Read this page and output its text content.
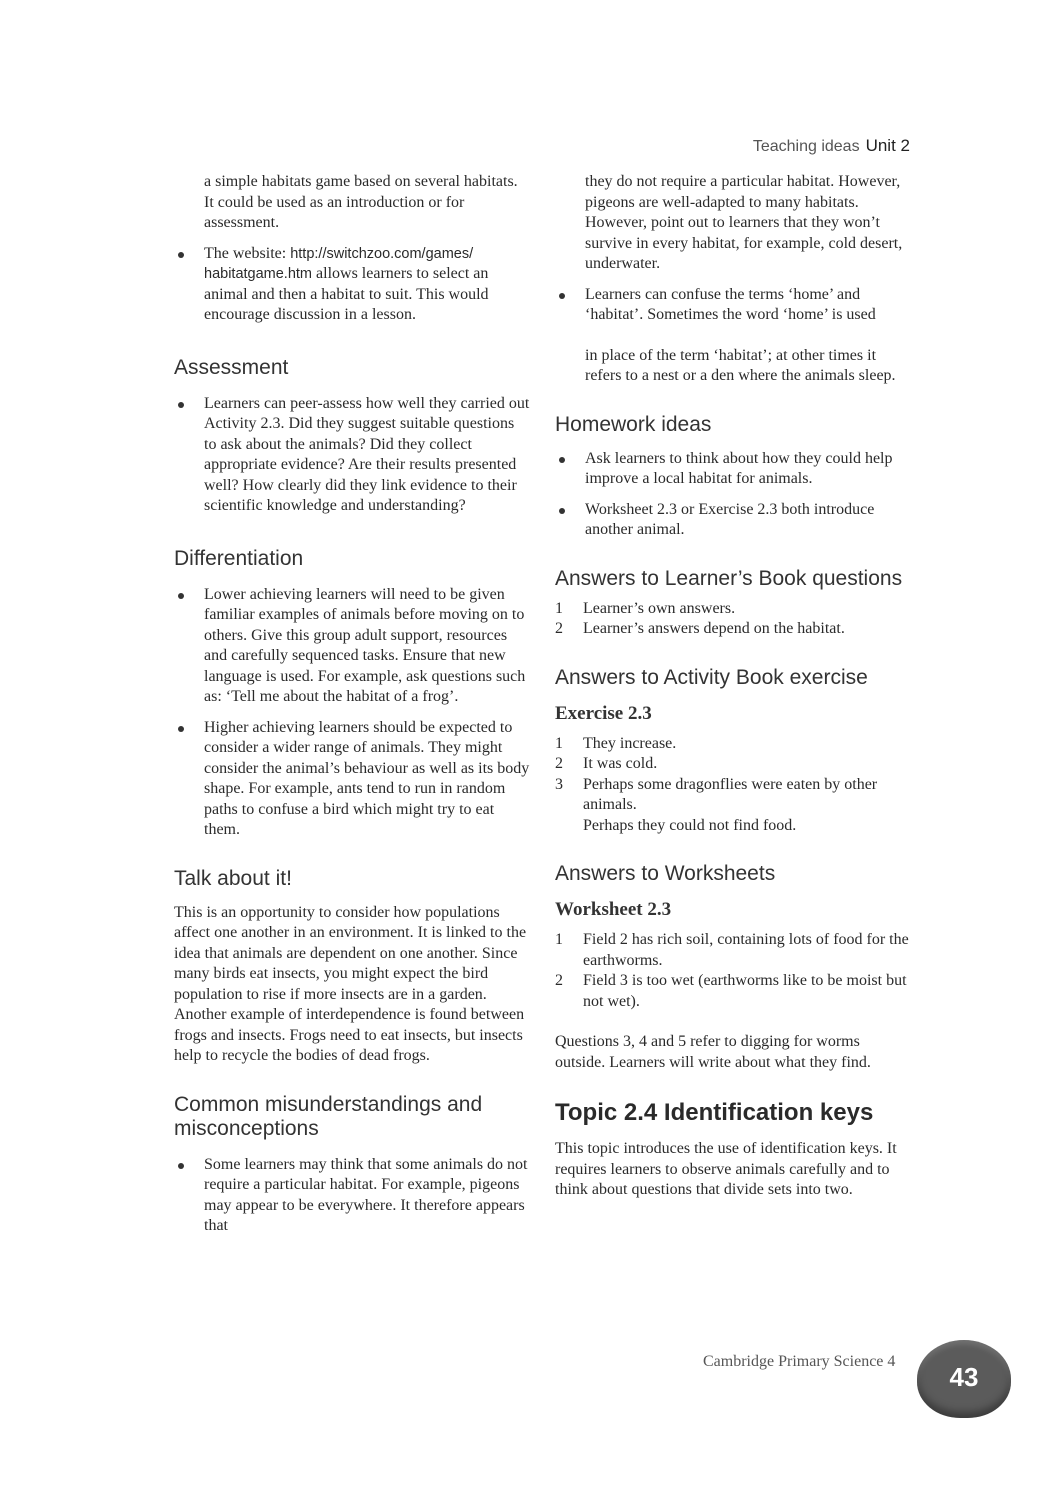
Teaching ideas Unit 2

a simple habitats game based on several habitats. It could be used as an introduction or for assessment.

The website: http://switchzoo.com/games/ habitatgame.htm allows learners to select an animal and then a habitat to suit. This would encourage discussion in a lesson.
Assessment
Learners can peer-assess how well they carried out Activity 2.3. Did they suggest suitable questions to ask about the animals? Did they collect appropriate evidence? Are their results presented well? How clearly did they link evidence to their scientific knowledge and understanding?
Differentiation
Lower achieving learners will need to be given familiar examples of animals before moving on to others. Give this group adult support, resources and carefully sequenced tasks. Ensure that new language is used. For example, ask questions such as: ‘Tell me about the habitat of a frog’.
Higher achieving learners should be expected to consider a wider range of animals. They might consider the animal’s behaviour as well as its body shape. For example, ants tend to run in random paths to confuse a bird which might try to eat them.
Talk about it!

This is an opportunity to consider how populations affect one another in an environment. It is linked to the idea that animals are dependent on one another. Since many birds eat insects, you might expect the bird population to rise if more insects are in a garden. Another example of interdependence is found between frogs and insects. Frogs need to eat insects, but insects help to recycle the bodies of dead frogs.

Common misunderstandings and misconceptions
Some learners may think that some animals do not require a particular habitat. For example, pigeons may appear to be everywhere. It therefore appears that

they do not require a particular habitat. However, pigeons are well-adapted to many habitats. However, point out to learners that they won’t survive in every habitat, for example, cold desert, underwater.

Learners can confuse the terms ‘home’ and ‘habitat’. Sometimes the word ‘home’ is used

in place of the term ‘habitat’; at other times it refers to a nest or a den where the animals sleep.

Homework ideas
Ask learners to think about how they could help improve a local habitat for animals.
Worksheet 2.3 or Exercise 2.3 both introduce another animal.
Answers to Learner’s Book questions
1 Learner’s own answers.
2 Learner’s answers depend on the habitat.
Answers to Activity Book exercise
Exercise 2.3
1 They increase.
2 It was cold.
3 Perhaps some dragonflies were eaten by other animals.
Perhaps they could not find food.
Answers to Worksheets
Worksheet 2.3
1 Field 2 has rich soil, containing lots of food for the earthworms.
2 Field 3 is too wet (earthworms like to be moist but not wet).

Questions 3, 4 and 5 refer to digging for worms outside. Learners will write about what they find.

Topic 2.4 Identification keys

This topic introduces the use of identification keys. It requires learners to observe animals carefully and to think about questions that divide sets into two.

Cambridge Primary Science 4
43
